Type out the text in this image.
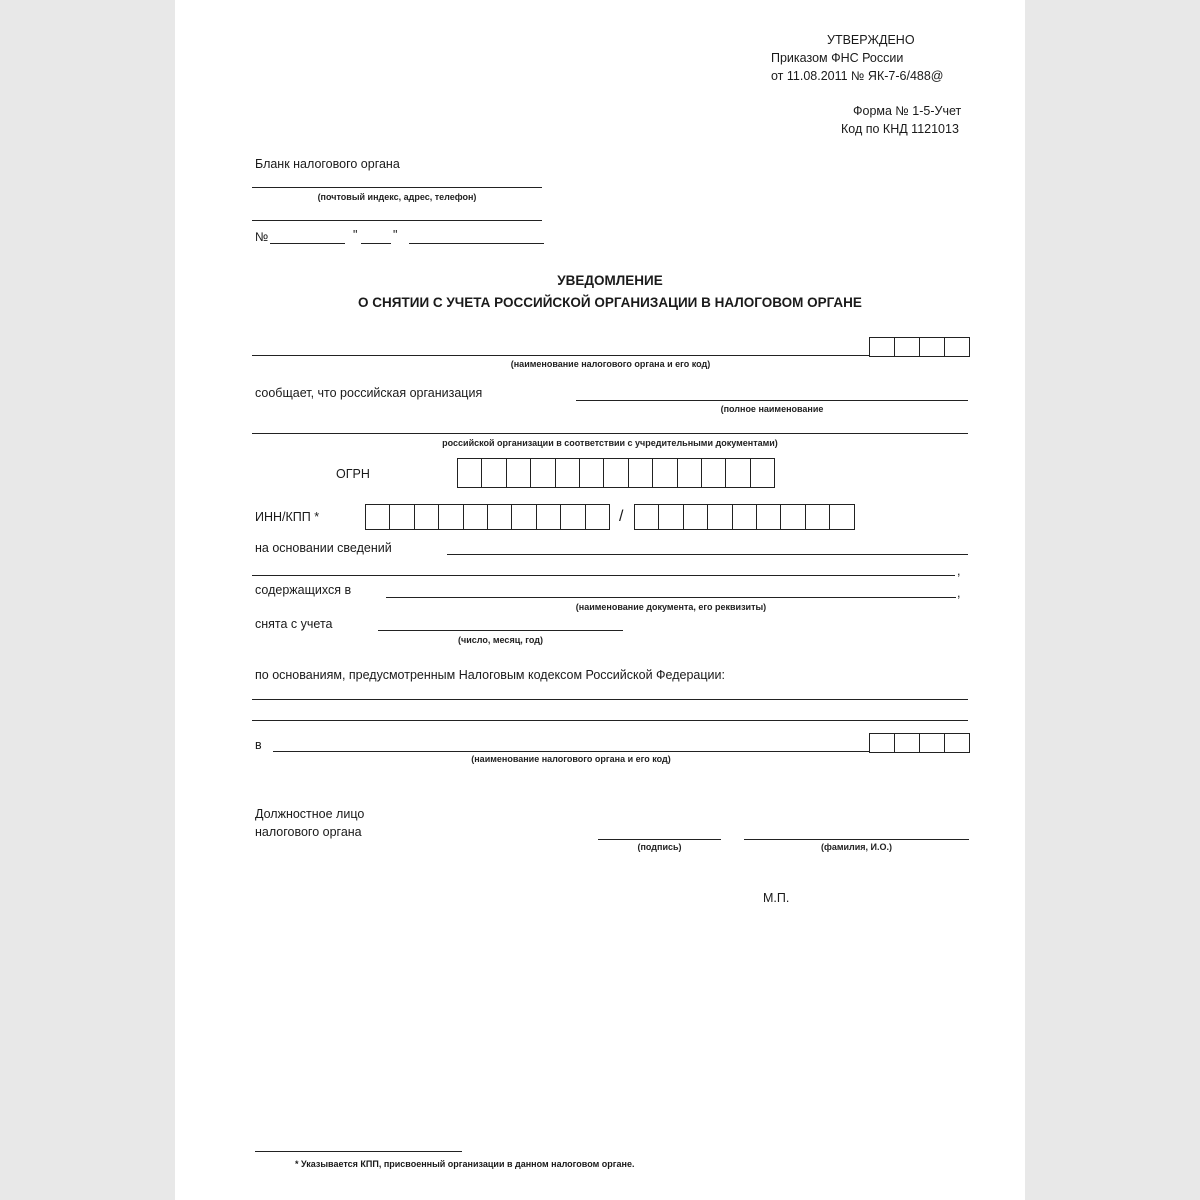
УТВЕРЖДЕНО
Приказом ФНС России
от 11.08.2011 № ЯК-7-6/488@
Форма № 1-5-Учет
Код по КНД 1121013
Бланк налогового органа
(почтовый индекс, адрес, телефон)
№	"	"
УВЕДОМЛЕНИЕ
О СНЯТИИ С УЧЕТА РОССИЙСКОЙ ОРГАНИЗАЦИИ В НАЛОГОВОМ ОРГАНЕ
(наименование налогового органа и его код)
сообщает, что российская организация
(полное наименование
российской организации в соответствии с учредительными документами)
ОГРН
ИНН/КПП *	/
на основании сведений
,
содержащихся в	,
(наименование документа, его реквизиты)
снята с учета
(число, месяц, год)
по основаниям, предусмотренным Налоговым кодексом Российской Федерации:
в
(наименование налогового органа и его код)
Должностное лицо
налогового органа
(подпись)	(фамилия, И.О.)
М.П.
* Указывается КПП, присвоенный организации в данном налоговом органе.
